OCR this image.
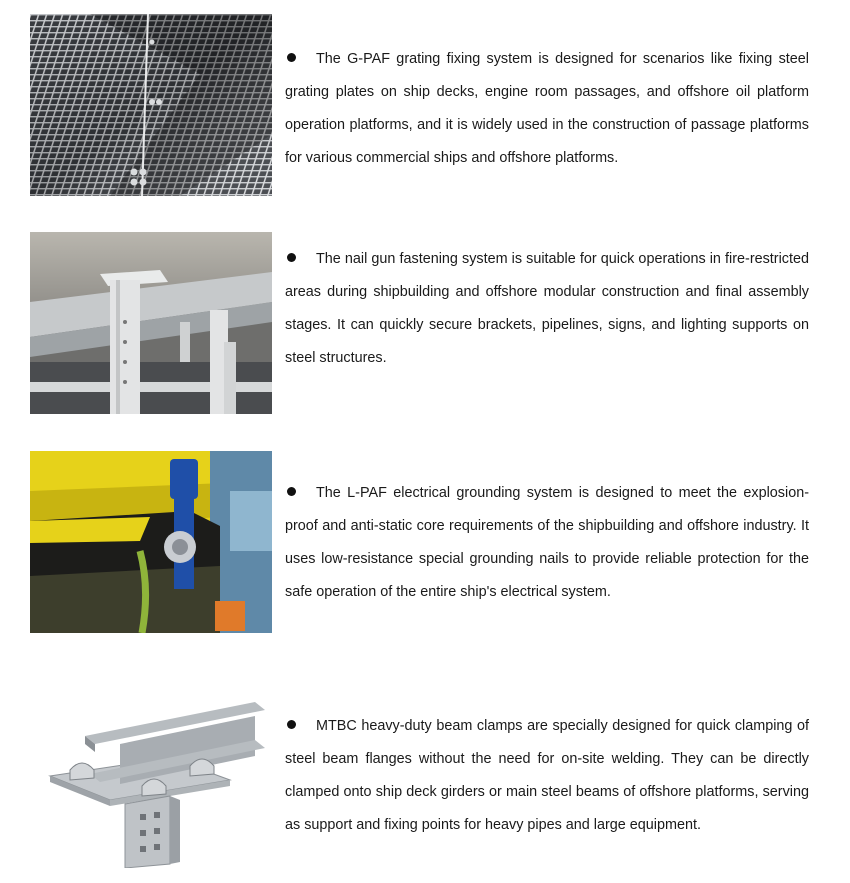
The G-PAF grating fixing system is designed for scenarios like fixing steel grating plates on ship decks, engine room passages, and offshore oil platform operation platforms, and it is widely used in the construction of passage platforms for various commercial ships and offshore platforms.

The nail gun fastening system is suitable for quick operations in fire-restricted areas during shipbuilding and offshore modular construction and final assembly stages. It can quickly secure brackets, pipelines, signs, and lighting supports on steel structures.

The L-PAF electrical grounding system is designed to meet the explosion-proof and anti-static core requirements of the shipbuilding and offshore industry. It uses low-resistance special grounding nails to provide reliable protection for the safe operation of the entire ship's electrical system.

MTBC heavy-duty beam clamps are specially designed for quick clamping of steel beam flanges without the need for on-site welding. They can be directly clamped onto ship deck girders or main steel beams of offshore platforms, serving as support and fixing points for heavy pipes and large equipment.
